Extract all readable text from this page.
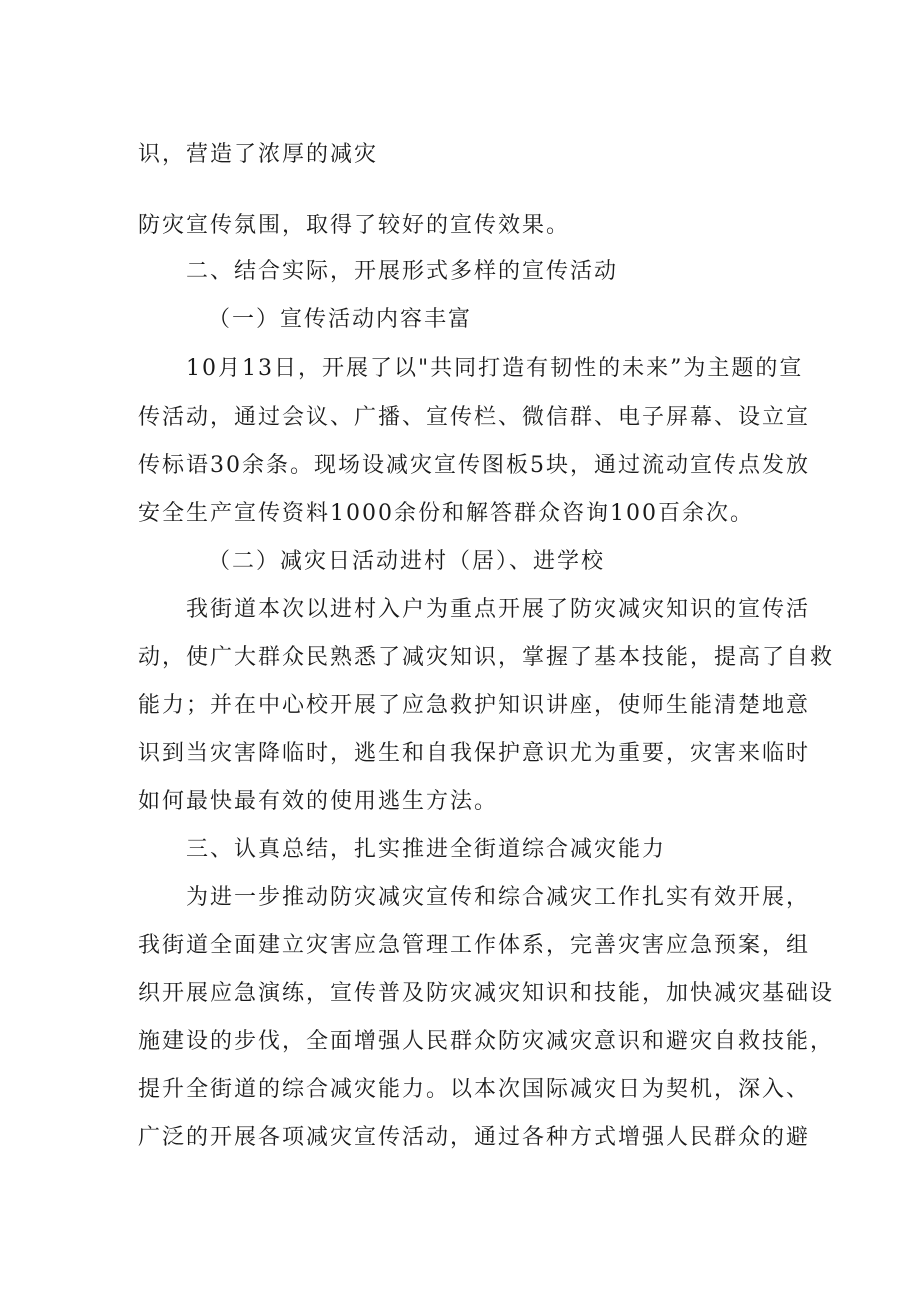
识，营造了浓厚的减灾
防灾宣传氛围，取得了较好的宣传效果。
二、结合实际，开展形式多样的宣传活动
（一）宣传活动内容丰富
10月13日，开展了以"共同打造有韧性的未来”为主题的宣
传活动，通过会议、广播、宣传栏、微信群、电子屏幕、设立宣
传标语30余条。现场设减灾宣传图板5块，通过流动宣传点发放
安全生产宣传资料1000余份和解答群众咨询100百余次。
（二）减灾日活动进村（居）、进学校
我街道本次以进村入户为重点开展了防灾减灾知识的宣传活
动，使广大群众民熟悉了减灾知识，掌握了基本技能，提高了自救
能力；并在中心校开展了应急救护知识讲座，使师生能清楚地意
识到当灾害降临时，逃生和自我保护意识尤为重要，灾害来临时
如何最快最有效的使用逃生方法。
三、认真总结，扎实推进全街道综合减灾能力
为进一步推动防灾减灾宣传和综合减灾工作扎实有效开展，
我街道全面建立灾害应急管理工作体系，完善灾害应急预案，组
织开展应急演练，宣传普及防灾减灾知识和技能，加快减灾基础设
施建设的步伐，全面增强人民群众防灾减灾意识和避灾自救技能，
提升全街道的综合减灾能力。以本次国际减灾日为契机，深入、
广泛的开展各项减灾宣传活动，通过各种方式增强人民群众的避
